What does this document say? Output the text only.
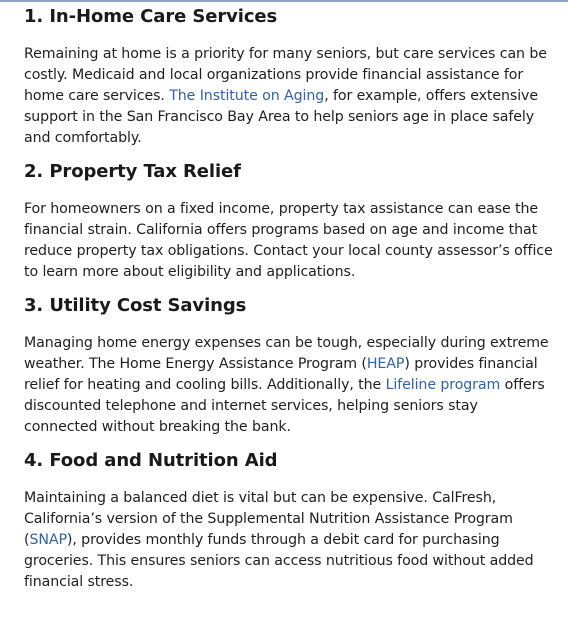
1. In-Home Care Services

Remaining at home is a priority for many seniors, but care services can be costly. Medicaid and local organizations provide financial assistance for home care services. The Institute on Aging, for example, offers extensive support in the San Francisco Bay Area to help seniors age in place safely and comfortably.

2. Property Tax Relief

For homeowners on a fixed income, property tax assistance can ease the financial strain. California offers programs based on age and income that reduce property tax obligations. Contact your local county assessor’s office to learn more about eligibility and applications.

3. Utility Cost Savings

Managing home energy expenses can be tough, especially during extreme weather. The Home Energy Assistance Program (HEAP) provides financial relief for heating and cooling bills. Additionally, the Lifeline program offers discounted telephone and internet services, helping seniors stay connected without breaking the bank.

4. Food and Nutrition Aid

Maintaining a balanced diet is vital but can be expensive. CalFresh, California’s version of the Supplemental Nutrition Assistance Program (SNAP), provides monthly funds through a debit card for purchasing groceries. This ensures seniors can access nutritious food without added financial stress.
